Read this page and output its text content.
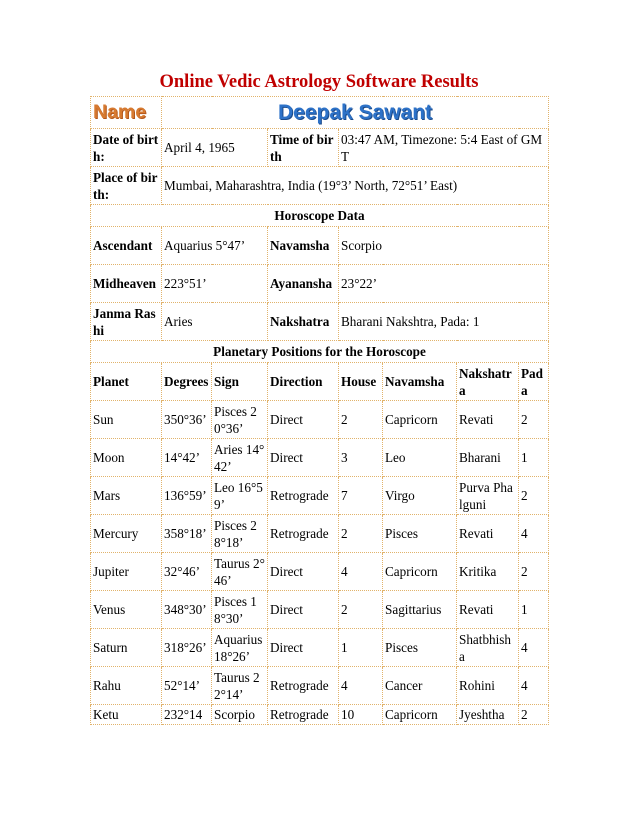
Online Vedic Astrology Software Results
Name	Deepak Sawant						
Date of birth:	April 4, 1965		Time of birth	03:47 AM, Timezone: 5:4 East of GMT			
Place of birth:	Mumbai, Maharashtra, India (19°3’ North, 72°51’ East)						
Horoscope Data							
Ascendant	Aquarius 5°47’		Navamsha	Scorpio			
Midheaven	223°51’		Ayanansha	23°22’			
Janma Rashi	Aries		Nakshatra	Bharani Nakshtra, Pada: 1			
Planetary Positions for the Horoscope							
Planet	Degrees	Sign	Direction	House	Navamsha	Nakshatra	Pada
Sun	350°36’	Pisces 20°36’	Direct	2	Capricorn	Revati	2
Moon	14°42’	Aries 14°42’	Direct	3	Leo	Bharani	1
Mars	136°59’	Leo 16°59’	Retrograde	7	Virgo	Purva Phalguni	2
Mercury	358°18’	Pisces 28°18’	Retrograde	2	Pisces	Revati	4
Jupiter	32°46’	Taurus 2°46’	Direct	4	Capricorn	Kritika	2
Venus	348°30’	Pisces 18°30’	Direct	2	Sagittarius	Revati	1
Saturn	318°26’	Aquarius 18°26’	Direct	1	Pisces	Shatbhisha	4
Rahu	52°14’	Taurus 22°14’	Retrograde	4	Cancer	Rohini	4
Ketu	232°14	Scorpio	Retrograde	10	Capricorn	Jyeshtha	2
